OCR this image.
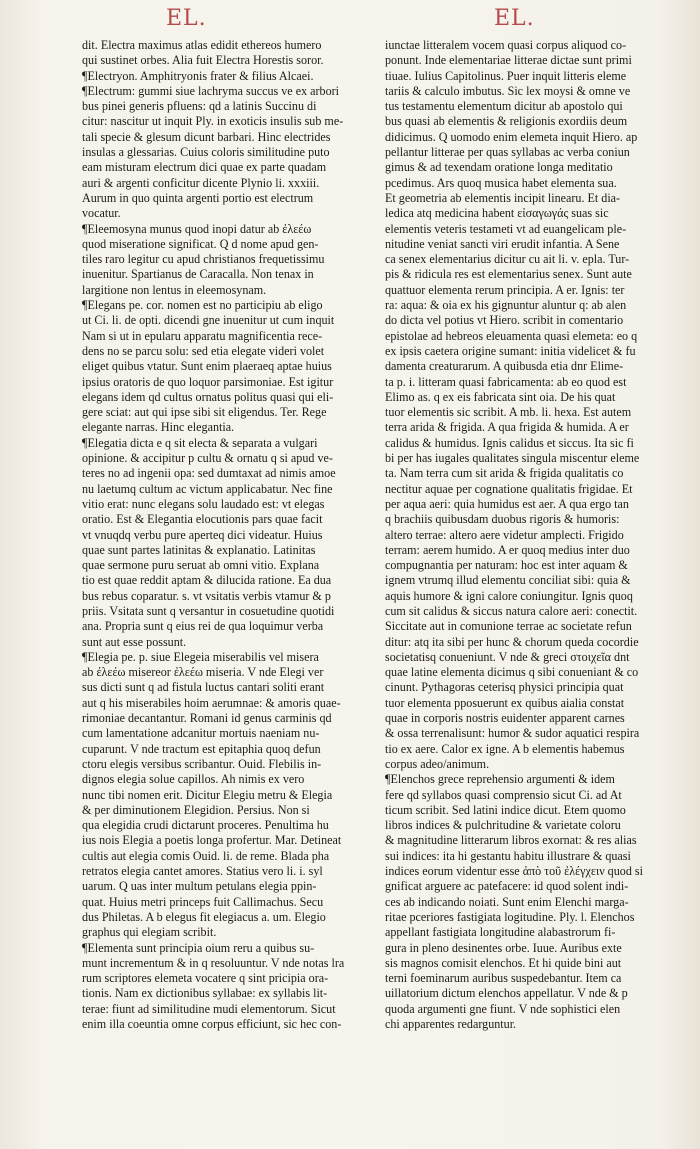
EL.	EL.
dit. Electra maximus atlas edidit ethereos humero
qui sustinet orbes. Alia fuit Electra Horestis soror.
¶Electryon. Amphitryonis frater & filius Alcaei.
¶Electrum: gummi siue lachryma succus ve ex arbori
bus pinei generis pfluens: qd a latinis Succinu di
citur: nascitur ut inquit Ply. in exoticis insulis sub me-
tali specie & glesum dicunt barbari. Hinc electrides
insulas a glessarias. Cuius coloris similitudine puto
eam misturam electrum dici quae ex parte quadam
auri & argenti conficitur dicente Plynio li. xxxiii.
Aurum in quo quinta argenti portio est electrum
vocatur.
¶Eleemosyna munus quod inopi datur ab ἐλεέω
quod miseratione significat. Q d nome apud gen-
tiles raro legitur cu apud christianos frequetissimu
inuenitur. Spartianus de Caracalla. Non tenax in
largitione non lentus in eleemosynam.
¶Elegans pe. cor. nomen est no participiu ab eligo
ut Ci. li. de opti. dicendi gne inuenitur ut cum inquit
Nam si ut in epularu apparatu magnificentia rece-
dens no se parcu solu: sed etia elegate videri volet
eliget quibus vtatur. Sunt enim plaeraeq aptae huius
ipsius oratoris de quo loquor parsimoniae. Est igitur
elegans idem qd cultus ornatus politus quasi qui eli-
gere sciat: aut qui ipse sibi sit eligendus. Ter. Rege
elegante narras. Hinc elegantia.
¶Elegatia dicta e q sit electa & separata a vulgari
opinione. & accipitur p cultu & ornatu q si apud ve-
teres no ad ingenii opa: sed dumtaxat ad nimis amoe
nu laetumq cultum ac victum applicabatur. Nec fine
vitio erat: nunc elegans solu laudado est: vt elegas
oratio. Est & Elegantia elocutionis pars quae facit
vt vnuqdq verbu pure aperteq dici videatur. Huius
quae sunt partes latinitas & explanatio. Latinitas
quae sermone puru seruat ab omni vitio. Explana
tio est quae reddit aptam & dilucida ratione. Ea dua
bus rebus coparatur. s. vt vsitatis verbis vtamur & p
priis. Vsitata sunt q versantur in cosuetudine quotidi
ana. Propria sunt q eius rei de qua loquimur verba
sunt aut esse possunt.
¶Elegia pe. p. siue Elegeia miserabilis vel misera
ab ἐλεέω misereor ἐλεέω miseria. V nde Elegi ver
sus dicti sunt q ad fistula luctus cantari soliti erant
aut q his miserabiles hoim aerumnae: & amoris quae-
rimoniae decantantur. Romani id genus carminis qd
cum lamentatione adcanitur mortuis naeniam nu-
cuparunt. V nde tractum est epitaphia quoq defun
ctoru elegis versibus scribantur. Ouid. Flebilis in-
dignos elegia solue capillos. Ah nimis ex vero
nunc tibi nomen erit. Dicitur Elegiu metru & Elegia
& per diminutionem Elegidion. Persius. Non si
qua elegidia crudi dictarunt proceres. Penultima hu
ius nois Elegia a poetis longa profertur. Mar. Detineat
cultis aut elegia comis Ouid. li. de reme. Blada pha
retratos elegia cantet amores. Statius vero li. i. syl
uarum. Q uas inter multum petulans elegia ppin-
quat. Huius metri princeps fuit Callimachus. Secu
dus Philetas. A b elegus fit elegiacus a. um. Elegio
graphus qui elegiam scribit.
¶Elementa sunt principia oium reru a quibus su-
munt incrementum & in q resoluuntur. V nde notas lra
rum scriptores elemeta vocatere q sint pricipia ora-
tionis. Nam ex dictionibus syllabae: ex syllabis lit-
terae: fiunt ad similitudine mudi elementorum. Sicut
enim illa coeuntia omne corpus efficiunt, sic hec con-
iunctae litteralem vocem quasi corpus aliquod co-
ponunt. Inde elementariae litterae dictae sunt primi
tiuae. Iulius Capitolinus. Puer inquit litteris eleme
tariis & calculo imbutus. Sic lex moysi & omne ve
tus testamentu elementum dicitur ab apostolo qui
bus quasi ab elementis & religionis exordiis deum
didicimus. Q uomodo enim elemeta inquit Hiero. ap
pellantur litterae per quas syllabas ac verba coniun
gimus & ad texendam oratione longa meditatio
pcedimus. Ars quoq musica habet elementa sua.
Et geometria ab elementis incipit linearu. Et dia-
ledica atq medicina habent εἰσαγωγάς suas sic
elementis veteris testameti vt ad euangelicam ple-
nitudine veniat sancti viri erudit infantia. A Sene
ca senex elementarius dicitur cu ait li. v. epla. Tur-
pis & ridicula res est elementarius senex. Sunt aute
quattuor elementa rerum principia. A er. Ignis: ter
ra: aqua: & oia ex his gignuntur aluntur q: ab alen
do dicta vel potius vt Hiero. scribit in comentario
epistolae ad hebreos eleuamenta quasi elemeta: eo q
ex ipsis caetera origine sumant: initia videlicet & fu
damenta creaturarum. A quibusda etia dnr Elime-
ta p. i. litteram quasi fabricamenta: ab eo quod est
Elimo as. q ex eis fabricata sint oia. De his quat
tuor elementis sic scribit. A mb. li. hexa. Est autem
terra arida & frigida. A qua frigida & humida. A er
calidus & humidus. Ignis calidus et siccus. Ita sic fi
bi per has iugales qualitates singula miscentur eleme
ta. Nam terra cum sit arida & frigida qualitatis co
nectitur aquae per cognatione qualitatis frigidae. Et
per aqua aeri: quia humidus est aer. A qua ergo tan
q brachiis quibusdam duobus rigoris & humoris:
altero terrae: altero aere videtur amplecti. Frigido
terram: aerem humido. A er quoq medius inter duo
compugnantia per naturam: hoc est inter aquam &
ignem vtrumq illud elementu conciliat sibi: quia &
aquis humore & igni calore coniungitur. Ignis quoq
cum sit calidus & siccus natura calore aeri: conectit.
Siccitate aut in comunione terrae ac societate refun
ditur: atq ita sibi per hunc & chorum queda cocordie
societatisq conueniunt. V nde & greci στοιχεῖα dnt
quae latine elementa dicimus q sibi conueniant & co
cinunt. Pythagoras ceterisq physici principia quat
tuor elementa pposuerunt ex quibus aialia constat
quae in corporis nostris euidenter apparent carnes
& ossa terrenalisunt: humor & sudor aquatici respira
tio ex aere. Calor ex igne. A b elementis habemus
corpus adeo/animum.
¶Elenchos grece reprehensio argumenti & idem
fere qd syllabos quasi comprensio sicut Ci. ad At
ticum scribit. Sed latini indice dicut. Etem quomo
libros indices & pulchritudine & varietate coloru
& magnitudine litterarum libros exornat: & res alias
sui indices: ita hi gestantu habitu illustrare & quasi
indices eorum videntur esse ἀπὸ τοῦ ἐλέγχειν quod si
gnificat arguere ac patefacere: id quod solent indi-
ces ab indicando noiati. Sunt enim Elenchi marga-
ritae pceriores fastigiata logitudine. Ply. l. Elenchos
appellant fastigiata longitudine alabastrorum fi-
gura in pleno desinentes orbe. Iuue. Auribus exte
sis magnos comisit elenchos. Et hi quide bini aut
terni foeminarum auribus suspedebantur. Item ca
uillatorium dictum elenchos appellatur. V nde & p
quoda argumenti gne fiunt. V nde sophistici elen
chi apparentes redarguntur.
